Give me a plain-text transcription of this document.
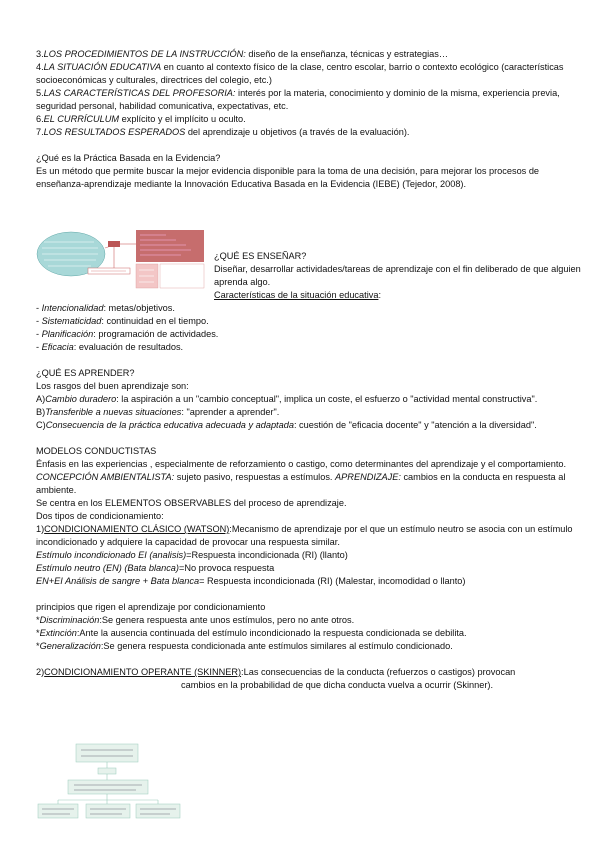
3.LOS PROCEDIMIENTOS DE LA INSTRUCCIÓN: diseño de la enseñanza, técnicas y estrategias…

4.LA SITUACIÓN EDUCATIVA en cuanto al contexto físico de la clase, centro escolar, barrio o contexto ecológico (características socioeconómicas y culturales, directrices del colegio, etc.)

5.LAS CARACTERÍSTICAS DEL PROFESORIA: interés por la materia, conocimiento y dominio de la misma, experiencia previa, seguridad personal, habilidad comunicativa, expectativas, etc.

6.EL CURRÍCULUM explícito y el implícito u oculto.

7.LOS RESULTADOS ESPERADOS del aprendizaje u objetivos (a través de la evaluación).

¿Qué es la Práctica Basada en la Evidencia?

Es un método que permite buscar la mejor evidencia disponible para la toma de una decisión, para mejorar los procesos de enseñanza-aprendizaje mediante la Innovación Educativa Basada en la Evidencia (IEBE) (Tejedor, 2008).

¿QUÉ ES ENSEÑAR?

Diseñar, desarrollar actividades/tareas de aprendizaje con el fin deliberado de que alguien aprenda algo.

Características de la situación educativa:

- Intencionalidad: metas/objetivos.

- Sistematicidad: continuidad en el tiempo.

- Planificación: programación de actividades.

- Eficacia: evaluación de resultados.

¿QUÉ ES APRENDER?

Los rasgos del buen aprendizaje son:

A)Cambio duradero: la aspiración a un "cambio conceptual", implica un coste, el esfuerzo o "actividad mental constructiva".

B)Transferible a nuevas situaciones: "aprender a aprender".

C)Consecuencia de la práctica educativa adecuada y adaptada: cuestión de "eficacia docente" y "atención a la diversidad".

MODELOS CONDUCTISTAS

Énfasis en las experiencias , especialmente de reforzamiento o castigo, como determinantes del aprendizaje y el comportamiento.

CONCEPCIÓN AMBIENTALISTA: sujeto pasivo, respuestas a estímulos. APRENDIZAJE: cambios en la conducta en respuesta al ambiente.

Se centra en los ELEMENTOS OBSERVABLES del proceso de aprendizaje.

Dos tipos de condicionamiento:

1)CONDICIONAMIENTO CLÁSICO (WATSON):Mecanismo de aprendizaje por el que un estímulo neutro se asocia con un estímulo incondicionado y adquiere la capacidad de provocar una respuesta similar.

Estímulo incondicionado EI (analisis)=Respuesta incondicionada (RI) (llanto)

Estímulo neutro (EN) (Bata blanca)=No provoca respuesta

EN+EI Análisis de sangre + Bata blanca= Respuesta incondicionada (RI) (Malestar, incomodidad o llanto)

principios que rigen el aprendizaje por condicionamiento

*Discriminación:Se genera respuesta ante unos estímulos, pero no ante otros.

*Extinción:Ante la ausencia continuada del estímulo incondicionado la respuesta condicionada se debilita.

*Generalización:Se genera respuesta condicionada ante estímulos similares al estímulo condicionado.

2)CONDICIONAMIENTO OPERANTE (SKINNER):Las consecuencias de la conducta (refuerzos o castigos) provocan

cambios en la probabilidad de que dicha conducta vuelva a ocurrir (Skinner).
